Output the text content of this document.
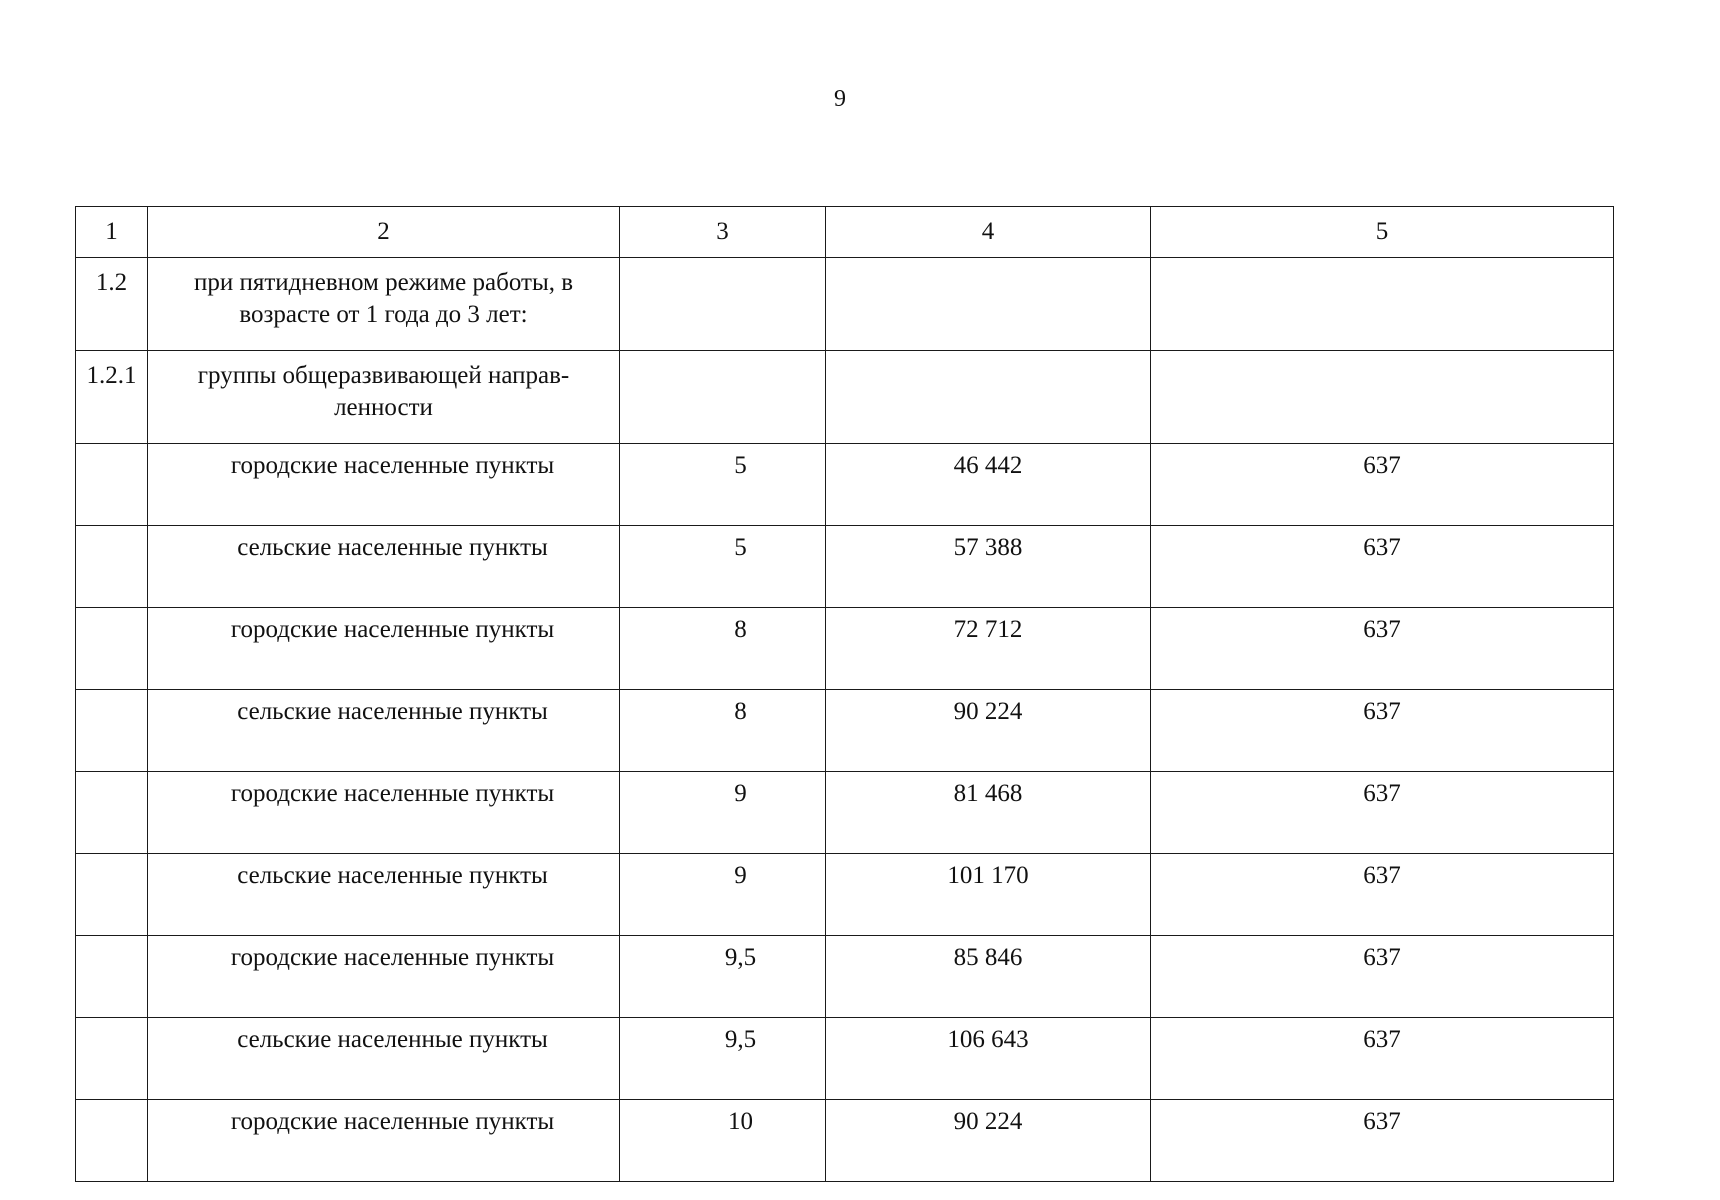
9
1	2	3	4	5
1.2	при пятидневном режиме работы, в возрасте от 1 года до 3 лет:			
1.2.1	группы общеразвивающей направ-ленности			
	городские населенные пункты	5	46 442	637
	сельские населенные пункты	5	57 388	637
	городские населенные пункты	8	72 712	637
	сельские населенные пункты	8	90 224	637
	городские населенные пункты	9	81 468	637
	сельские населенные пункты	9	101 170	637
	городские населенные пункты	9,5	85 846	637
	сельские населенные пункты	9,5	106 643	637
	городские населенные пункты	10	90 224	637
